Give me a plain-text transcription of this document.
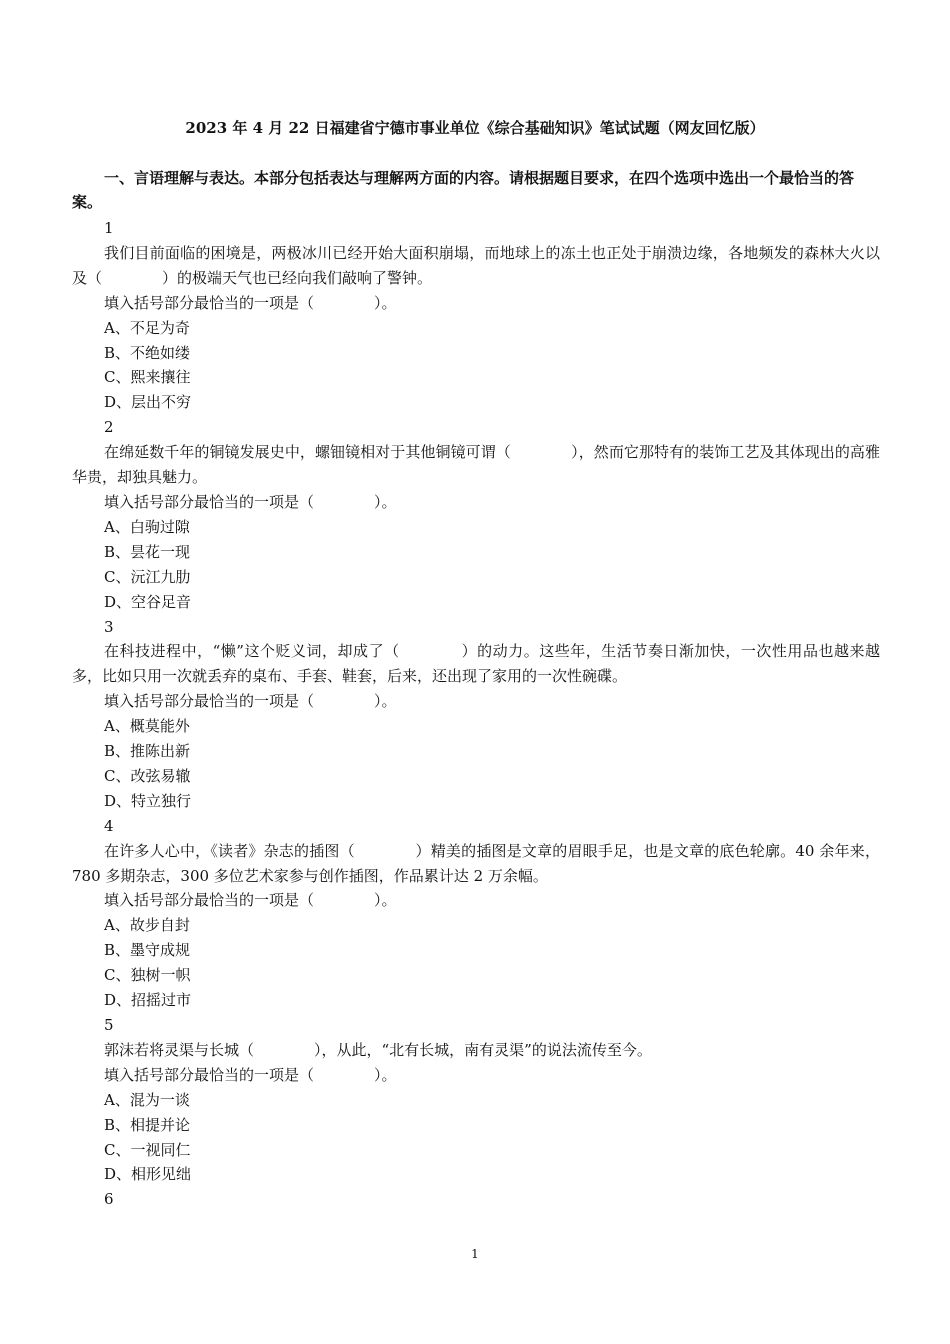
2023 年 4 月 22 日福建省宁德市事业单位《综合基础知识》笔试试题（网友回忆版）
一、言语理解与表达。本部分包括表达与理解两方面的内容。请根据题目要求，在四个选项中选出一个最恰当的答案。
1
我们目前面临的困境是，两极冰川已经开始大面积崩塌，而地球上的冻土也正处于崩溃边缘，各地频发的森林大火以及（　　　　）的极端天气也已经向我们敲响了警钟。
填入括号部分最恰当的一项是（　　　　）。
A、不足为奇
B、不绝如缕
C、熙来攘往
D、层出不穷
2
在绵延数千年的铜镜发展史中，螺钿镜相对于其他铜镜可谓（　　　　），然而它那特有的装饰工艺及其体现出的高雅华贵，却独具魅力。
填入括号部分最恰当的一项是（　　　　）。
A、白驹过隙
B、昙花一现
C、沅江九肋
D、空谷足音
3
在科技进程中，“懒”这个贬义词，却成了（　　　　）的动力。这些年，生活节奏日渐加快，一次性用品也越来越多，比如只用一次就丢弃的桌布、手套、鞋套，后来，还出现了家用的一次性碗碟。
填入括号部分最恰当的一项是（　　　　）。
A、概莫能外
B、推陈出新
C、改弦易辙
D、特立独行
4
在许多人心中，《读者》杂志的插图（　　　　）精美的插图是文章的眉眼手足，也是文章的底色轮廓。40 余年来，780 多期杂志，300 多位艺术家参与创作插图，作品累计达 2 万余幅。
填入括号部分最恰当的一项是（　　　　）。
A、故步自封
B、墨守成规
C、独树一帜
D、招摇过市
5
郭沫若将灵渠与长城（　　　　），从此，“北有长城，南有灵渠”的说法流传至今。
填入括号部分最恰当的一项是（　　　　）。
A、混为一谈
B、相提并论
C、一视同仁
D、相形见绌
6
1
